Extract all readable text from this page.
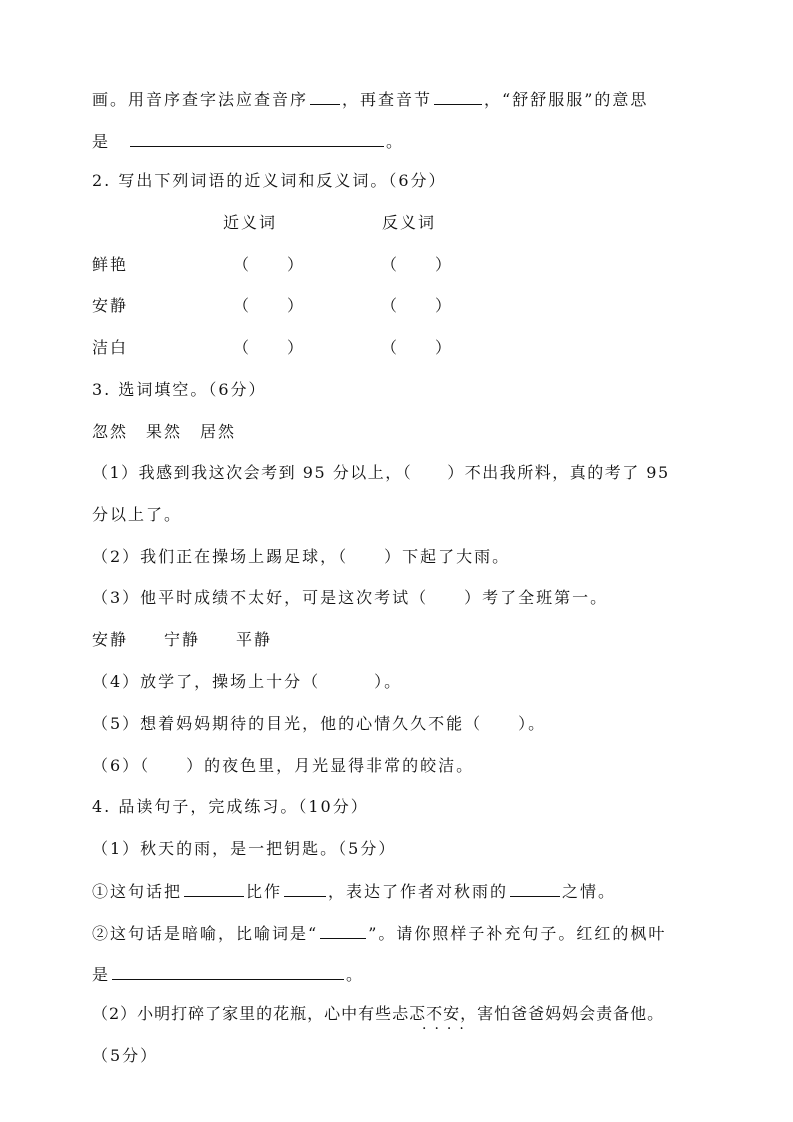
画。用音序查字法应查音序 ，再查音节	，“舒舒服服”的意思
是　	。
2. 写出下列词语的近义词和反义词。（6分）
近义词	反义词
鲜艳	（　　）	（　　）
安静	（　　）	（　　）
洁白	（　　）	（　　）
3. 选词填空。（6分）
忽然　果然　居然
（1）我感到我这次会考到 95 分以上，（　　）不出我所料，真的考了 95
分以上了。
（2）我们正在操场上踢足球，（　　）下起了大雨。
（3）他平时成绩不太好，可是这次考试（　　）考了全班第一。
安静　　宁静　　平静
（4）放学了，操场上十分（　　　）。
（5）想着妈妈期待的目光，他的心情久久不能（　　）。
（6）（　　）的夜色里，月光显得非常的皎洁。
4. 品读句子，完成练习。（10分）
（1）秋天的雨，是一把钥匙。（5分）
①这句话把	比作	，表达了作者对秋雨的	之情。
②这句话是暗喻，比喻词是“	”。请你照样子补充句子。红红的枫叶
是	。
（2）小明打碎了家里的花瓶，心中有些忐忑不安，害怕爸爸妈妈会责备他。
····
（5分）
